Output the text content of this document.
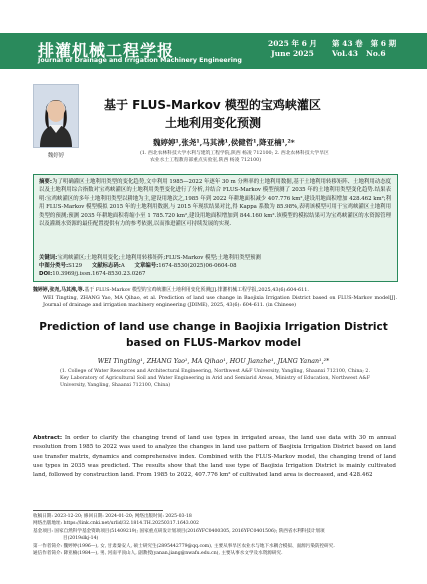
排灌机械工程学报
Journal of Drainage and Irrigation Machinery Engineering
2025 年 6 月
June 2025
第 43 卷 第 6 期
Vol.43 No.6
魏婷婷
基于 FLUS-Markov 模型的宝鸡峡灌区
土地利用变化预测
魏婷婷¹,张尧¹,马其沸¹,侯健哲¹,降亚楠¹,²*
(1. 西北农林科技大学水利与建筑工程学院,陕西 杨凌 712100; 2. 西北农林科技大学旱区
农业水土工程教育部重点实验室,陕西 杨凌 712100)
摘要:为了明确灌区土地利用类型的变化趋势,文中利用 1985—2022 年逐年 30 m 分辨率的土地利用数据,基于土地利用转移矩阵、土地利用动态度以及土地利用综合指数对宝鸡峡灌区的土地利用类型变化进行了分析,并结合 FLUS-Markov 模型预测了 2035 年的土地利用类型变化趋势.结果表明:宝鸡峡灌区的多年土地利用类型以耕地为主,建设用地次之,1985 年到 2022 年耕地面积减少 407.776 km²,建设用地面积增加 428.462 km²;利用 FLUS-Markov 模型模拟 2015 年的土地利用数据,与 2015 年现状结果对比,得 Kappa 系数为 85.98%,表明该模型可用于宝鸡峡灌区土地利用类型的预测;预测 2035 年耕地面积将缩小至 1 785.720 km²,建设用地面积增加到 844.160 km².该模型的模拟结果可为宝鸡峡灌区的水资源管理以及灌溉水资源的最佳配置提供有力的参考依据,以而推进灌区可持续发展的实现.
关键词:宝鸡峡灌区;土地利用变化;土地利用转移矩阵;FLUS-Markov 模型;土地利用类型预测
中图分类号:S129 文献标志码:A 文章编号:1674-8530(2025)06-0604-08
DOI:10.3969/j.issn.1674-8530.23.0267
魏婷婷,张尧,马其沸,等.基于 FLUS-Markov 模型的宝鸡峡灌区土地利用变化预测[J].排灌机械工程学报,2025,43(6):604-611.
WEI Tingting, ZHANG Yao, MA Qihao, et al. Prediction of land use change in Baojixia Irrigation District based on FLUS-Markov model[J]. Journal of drainage and irrigation machinery engineering (JDIME), 2025, 43(6): 604-611. (in Chinese)
Prediction of land use change in Baojixia Irrigation District
based on FLUS-Markov model
WEI Tingting¹, ZHANG Yao¹, MA Qihao¹, HOU Jianzhe¹, JIANG Yanan¹,²*
(1. College of Water Resources and Architectural Engineering, Northwest A&F University, Yangling, Shaanxi 712100, China; 2. Key Laboratory of Agricultural Soil and Water Engineering in Arid and Semiarid Areas, Ministry of Education, Northwest A&F University, Yangling, Shaanxi 712100, China)
Abstract: In order to clarify the changing trend of land use types in irrigated areas, the land use data with 30 m annual resolution from 1985 to 2022 was used to analyze the changes in land use pattern of Baojixia Irrigation District based on land use transfer matrix, dynamics and comprehensive index. Combined with the FLUS-Markov model, the changing trend of land use types in 2035 was predicted. The results show that the land use type of Baojixia Irrigation District is mainly cultivated land, followed by construction land. From 1985 to 2022, 407.776 km² of cultivated land area is decreased, and 428.462
收稿日期: 2023-12-20; 修回日期: 2024-01-20; 网络出版时间: 2025-03-18
网络出版地址: https://link.cnki.net/urlid/32.1814.TH.20250317.1643.002
基金项目: 国家自然科学基金资助项目(51409219); 国家重点研发计划项目(2016YFC0400305, 2016YFC0401506); 陕西省水利科技计划项
目(2019slkj-14)
第一作者简介: 魏婷婷(1996—), 女, 甘肃秦安人, 硕士研究生(2895442779@qq.com), 主要从事旱区农业水与地下水耦合模拟、面源污染防控研究.
通信作者简介: 降亚楠(1984—), 男, 河南平顶山人, 副教授(yanan.jiang@nwafu.edu.cn), 主要从事水文学及水资源研究.
